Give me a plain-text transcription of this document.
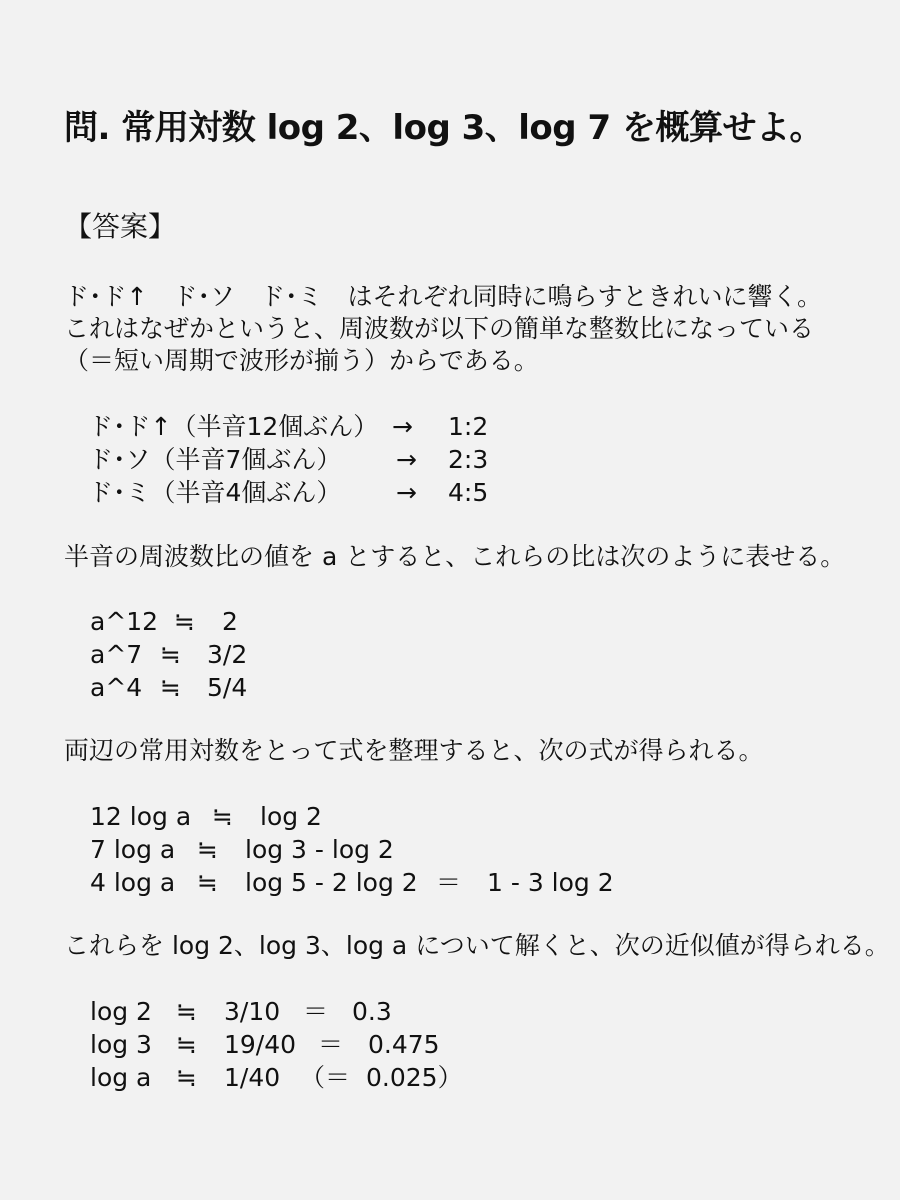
問. 常用対数 log 2、log 3、log 7 を概算せよ。
【答案】
ド･ド↑　ド･ソ　ド･ミ　はそれぞれ同時に鳴らすときれいに響く。
これはなぜかというと、周波数が以下の簡単な整数比になっている
（＝短い周期で波形が揃う）からである。
ド･ド↑（半音12個ぶん） → 1:2
ド･ソ（半音7個ぶん） → 2:3
ド･ミ（半音4個ぶん） → 4:5
半音の周波数比の値を a とすると、これらの比は次のように表せる。
a^12 ≒ 2
a^7 ≒ 3/2
a^4 ≒ 5/4
両辺の常用対数をとって式を整理すると、次の式が得られる。
12 log a ≒ log 2
7 log a ≒ log 3 - log 2
4 log a ≒ log 5 - 2 log 2 ＝ 1 - 3 log 2
これらを log 2、log 3、log a について解くと、次の近似値が得られる。
log 2 ≒ 3/10 ＝ 0.3
log 3 ≒ 19/40 ＝ 0.475
log a ≒ 1/40 （＝ 0.025）
